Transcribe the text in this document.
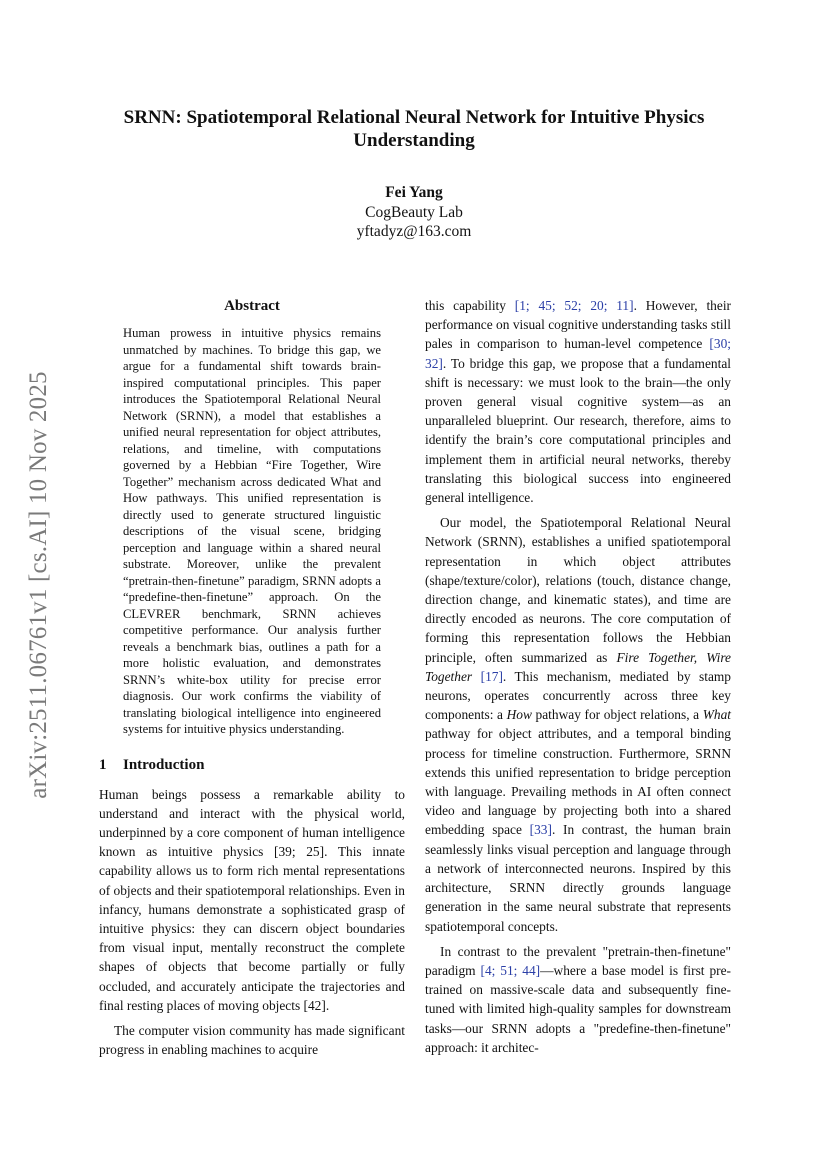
arXiv:2511.06761v1 [cs.AI] 10 Nov 2025
SRNN: Spatiotemporal Relational Neural Network for Intuitive Physics Understanding
Fei Yang
CogBeauty Lab
yftadyz@163.com
Abstract
Human prowess in intuitive physics remains unmatched by machines. To bridge this gap, we argue for a fundamental shift towards brain-inspired computational principles. This paper introduces the Spatiotemporal Relational Neural Network (SRNN), a model that establishes a unified neural representation for object attributes, relations, and timeline, with computations governed by a Hebbian “Fire Together, Wire Together” mechanism across dedicated What and How pathways. This unified representation is directly used to generate structured linguistic descriptions of the visual scene, bridging perception and language within a shared neural substrate. Moreover, unlike the prevalent “pretrain-then-finetune” paradigm, SRNN adopts a “predefine-then-finetune” approach. On the CLEVRER benchmark, SRNN achieves competitive performance. Our analysis further reveals a benchmark bias, outlines a path for a more holistic evaluation, and demonstrates SRNN’s white-box utility for precise error diagnosis. Our work confirms the viability of translating biological intelligence into engineered systems for intuitive physics understanding.
1 Introduction

Human beings possess a remarkable ability to understand and interact with the physical world, underpinned by a core component of human intelligence known as intuitive physics [39; 25]. This innate capability allows us to form rich mental representations of objects and their spatiotemporal relationships. Even in infancy, humans demonstrate a sophisticated grasp of intuitive physics: they can discern object boundaries from visual input, mentally reconstruct the complete shapes of objects that become partially or fully occluded, and accurately anticipate the trajectories and final resting places of moving objects [42].

The computer vision community has made significant progress in enabling machines to acquire

this capability [1; 45; 52; 20; 11]. However, their performance on visual cognitive understanding tasks still pales in comparison to human-level competence [30; 32]. To bridge this gap, we propose that a fundamental shift is necessary: we must look to the brain—the only proven general visual cognitive system—as an unparalleled blueprint. Our research, therefore, aims to identify the brain’s core computational principles and implement them in artificial neural networks, thereby translating this biological success into engineered general intelligence.

Our model, the Spatiotemporal Relational Neural Network (SRNN), establishes a unified spatiotemporal representation in which object attributes (shape/texture/color), relations (touch, distance change, direction change, and kinematic states), and time are directly encoded as neurons. The core computation of forming this representation follows the Hebbian principle, often summarized as Fire Together, Wire Together [17]. This mechanism, mediated by stamp neurons, operates concurrently across three key components: a How pathway for object relations, a What pathway for object attributes, and a temporal binding process for timeline construction. Furthermore, SRNN extends this unified representation to bridge perception with language. Prevailing methods in AI often connect video and language by projecting both into a shared embedding space [33]. In contrast, the human brain seamlessly links visual perception and language through a network of interconnected neurons. Inspired by this architecture, SRNN directly grounds language generation in the same neural substrate that represents spatiotemporal concepts.

In contrast to the prevalent "pretrain-then-finetune" paradigm [4; 51; 44]—where a base model is first pre-trained on massive-scale data and subsequently fine-tuned with limited high-quality samples for downstream tasks—our SRNN adopts a "predefine-then-finetune" approach: it architec-
